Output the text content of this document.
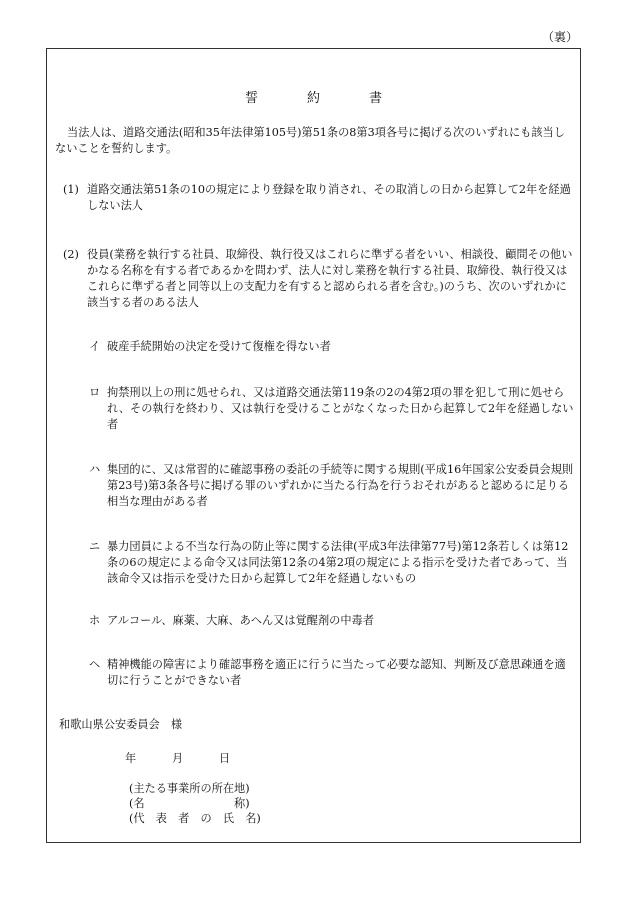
（裏）
誓　約　書
当法人は、道路交通法(昭和35年法律第105号)第51条の8第3項各号に掲げる次のいずれにも該当しないことを誓約します。
(1) 道路交通法第51条の10の規定により登録を取り消され、その取消しの日から起算して2年を経過しない法人
(2) 役員(業務を執行する社員、取締役、執行役又はこれらに準ずる者をいい、相談役、顧問その他いかなる名称を有する者であるかを問わず、法人に対し業務を執行する社員、取締役、執行役又はこれらに準ずる者と同等以上の支配力を有すると認められる者を含む。)のうち、次のいずれかに該当する者のある法人
イ 破産手続開始の決定を受けて復権を得ない者
ロ 拘禁刑以上の刑に処せられ、又は道路交通法第119条の2の4第2項の罪を犯して刑に処せられ、その執行を終わり、又は執行を受けることがなくなった日から起算して2年を経過しない者
ハ 集団的に、又は常習的に確認事務の委託の手続等に関する規則(平成16年国家公安委員会規則第23号)第3条各号に掲げる罪のいずれかに当たる行為を行うおそれがあると認めるに足りる相当な理由がある者
ニ 暴力団員による不当な行為の防止等に関する法律(平成3年法律第77号)第12条若しくは第12条の6の規定による命令又は同法第12条の4第2項の規定による指示を受けた者であって、当該命令又は指示を受けた日から起算して2年を経過しないもの
ホ アルコール、麻薬、大麻、あへん又は覚醒剤の中毒者
ヘ 精神機能の障害により確認事務を適正に行うに当たって必要な認知、判断及び意思疎通を適切に行うことができない者
和歌山県公安委員会　様
年	月	日
(主たる事業所の所在地)
(名　　　　　　　　称)
(代　表　者　の　氏　名)
